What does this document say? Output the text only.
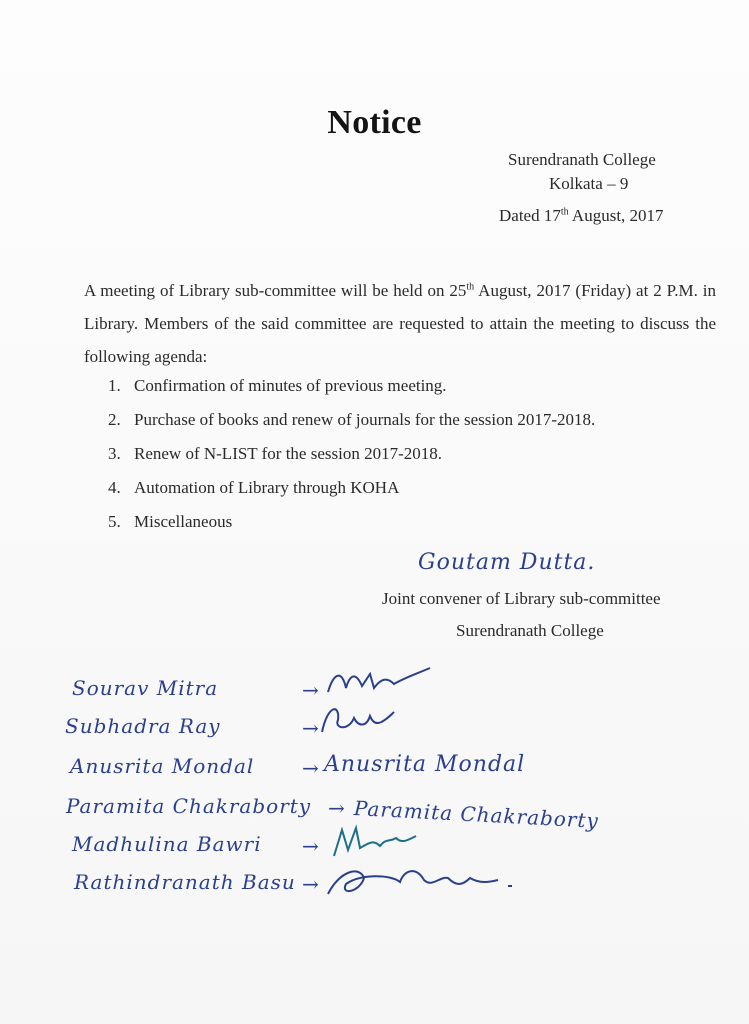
Notice
Surendranath College
Kolkata – 9
Dated 17th August, 2017
A meeting of Library sub-committee will be held on 25th August, 2017 (Friday) at 2 P.M. in Library. Members of the said committee are requested to attain the meeting to discuss the following agenda:
1. Confirmation of minutes of previous meeting.
2. Purchase of books and renew of journals for the session 2017-2018.
3. Renew of N-LIST for the session 2017-2018.
4. Automation of Library through KOHA
5. Miscellaneous
Goutam Dutta.
Joint convener of Library sub-committee
Surendranath College
Sourav Mitra	→
Subhadra Ray	→
Anusrita Mondal → Anusrita Mondal
Paramita Chakraborty → Paramita Chakraborty
Madhulina Bawri →
Rathindranath Basu →
